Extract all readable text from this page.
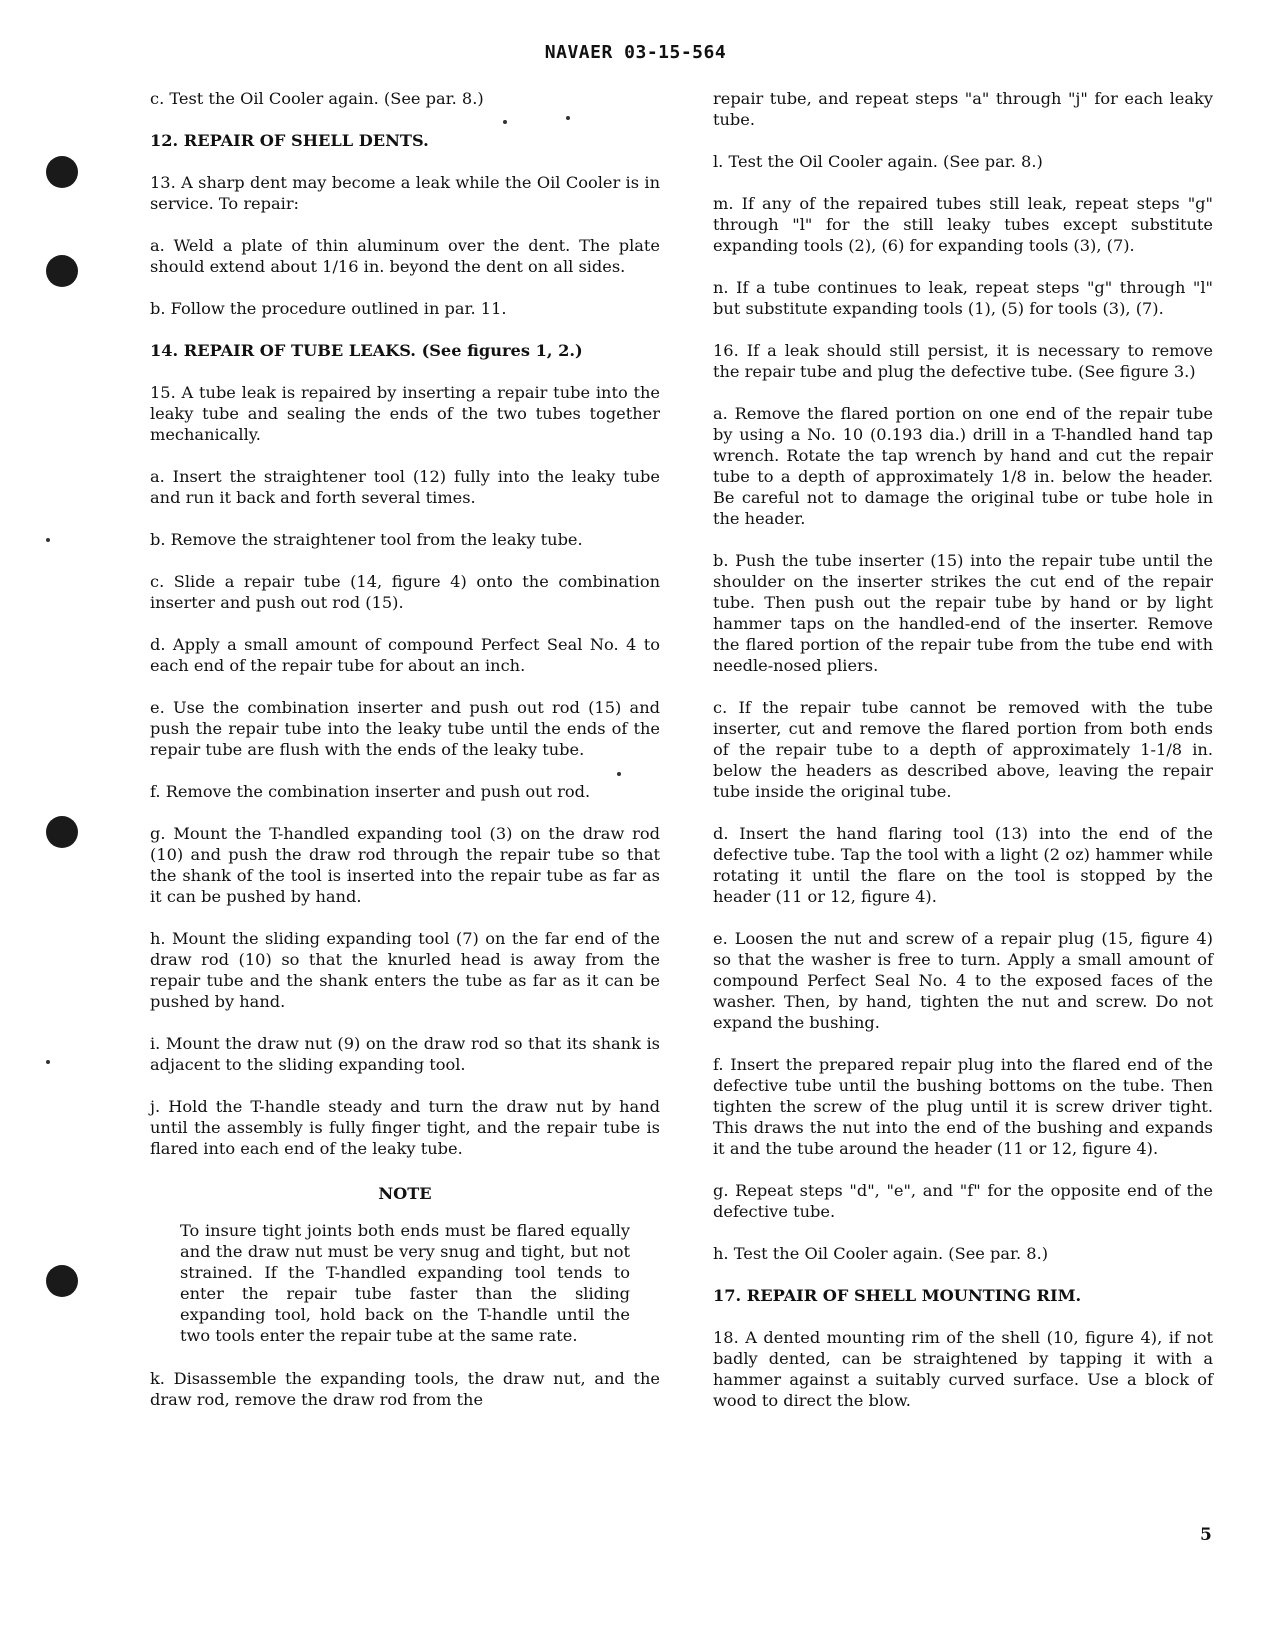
NAVAER 03-15-564

c. Test the Oil Cooler again. (See par. 8.)

12. REPAIR OF SHELL DENTS.

13. A sharp dent may become a leak while the Oil Cooler is in service. To repair:

a. Weld a plate of thin aluminum over the dent. The plate should extend about 1/16 in. beyond the dent on all sides.

b. Follow the procedure outlined in par. 11.

14. REPAIR OF TUBE LEAKS. (See figures 1, 2.)

15. A tube leak is repaired by inserting a repair tube into the leaky tube and sealing the ends of the two tubes together mechanically.

a. Insert the straightener tool (12) fully into the leaky tube and run it back and forth several times.

b. Remove the straightener tool from the leaky tube.

c. Slide a repair tube (14, figure 4) onto the combination inserter and push out rod (15).

d. Apply a small amount of compound Perfect Seal No. 4 to each end of the repair tube for about an inch.

e. Use the combination inserter and push out rod (15) and push the repair tube into the leaky tube until the ends of the repair tube are flush with the ends of the leaky tube.

f. Remove the combination inserter and push out rod.

g. Mount the T-handled expanding tool (3) on the draw rod (10) and push the draw rod through the repair tube so that the shank of the tool is inserted into the repair tube as far as it can be pushed by hand.

h. Mount the sliding expanding tool (7) on the far end of the draw rod (10) so that the knurled head is away from the repair tube and the shank enters the tube as far as it can be pushed by hand.

i. Mount the draw nut (9) on the draw rod so that its shank is adjacent to the sliding expanding tool.

j. Hold the T-handle steady and turn the draw nut by hand until the assembly is fully finger tight, and the repair tube is flared into each end of the leaky tube.

NOTE

To insure tight joints both ends must be flared equally and the draw nut must be very snug and tight, but not strained. If the T-handled expanding tool tends to enter the repair tube faster than the sliding expanding tool, hold back on the T-handle until the two tools enter the repair tube at the same rate.

k. Disassemble the expanding tools, the draw nut, and the draw rod, remove the draw rod from the

repair tube, and repeat steps "a" through "j" for each leaky tube.

l. Test the Oil Cooler again. (See par. 8.)

m. If any of the repaired tubes still leak, repeat steps "g" through "l" for the still leaky tubes except substitute expanding tools (2), (6) for expanding tools (3), (7).

n. If a tube continues to leak, repeat steps "g" through "l" but substitute expanding tools (1), (5) for tools (3), (7).

16. If a leak should still persist, it is necessary to remove the repair tube and plug the defective tube. (See figure 3.)

a. Remove the flared portion on one end of the repair tube by using a No. 10 (0.193 dia.) drill in a T-handled hand tap wrench. Rotate the tap wrench by hand and cut the repair tube to a depth of approximately 1/8 in. below the header. Be careful not to damage the original tube or tube hole in the header.

b. Push the tube inserter (15) into the repair tube until the shoulder on the inserter strikes the cut end of the repair tube. Then push out the repair tube by hand or by light hammer taps on the handled-end of the inserter. Remove the flared portion of the repair tube from the tube end with needle-nosed pliers.

c. If the repair tube cannot be removed with the tube inserter, cut and remove the flared portion from both ends of the repair tube to a depth of approximately 1-1/8 in. below the headers as described above, leaving the repair tube inside the original tube.

d. Insert the hand flaring tool (13) into the end of the defective tube. Tap the tool with a light (2 oz) hammer while rotating it until the flare on the tool is stopped by the header (11 or 12, figure 4).

e. Loosen the nut and screw of a repair plug (15, figure 4) so that the washer is free to turn. Apply a small amount of compound Perfect Seal No. 4 to the exposed faces of the washer. Then, by hand, tighten the nut and screw. Do not expand the bushing.

f. Insert the prepared repair plug into the flared end of the defective tube until the bushing bottoms on the tube. Then tighten the screw of the plug until it is screw driver tight. This draws the nut into the end of the bushing and expands it and the tube around the header (11 or 12, figure 4).

g. Repeat steps "d", "e", and "f" for the opposite end of the defective tube.

h. Test the Oil Cooler again. (See par. 8.)

17. REPAIR OF SHELL MOUNTING RIM.

18. A dented mounting rim of the shell (10, figure 4), if not badly dented, can be straightened by tapping it with a hammer against a suitably curved surface. Use a block of wood to direct the blow.

5
